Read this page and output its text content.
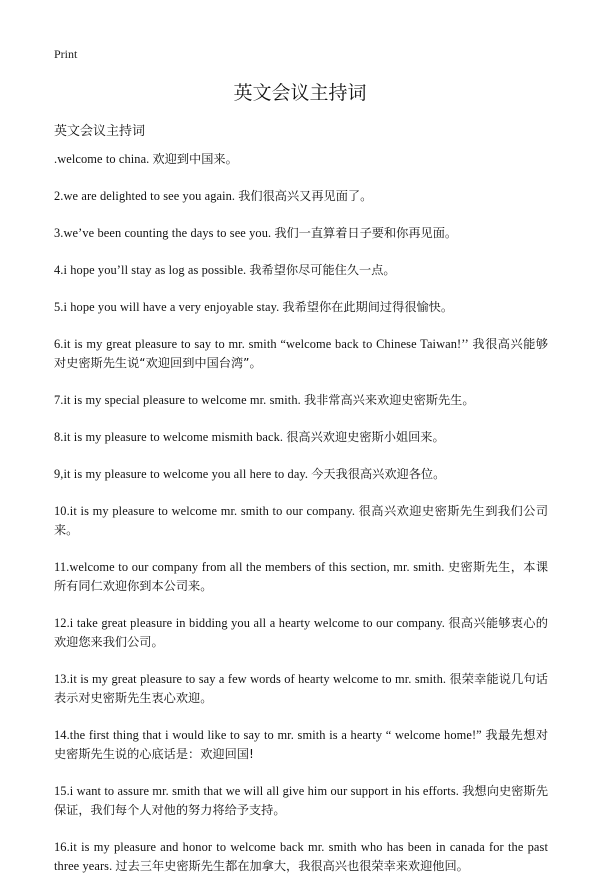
Print
英文会议主持词
英文会议主持词

.welcome to china. 欢迎到中国来。

2.we are delighted to see you again. 我们很高兴又再见面了。

3.we’ve been counting the days to see you. 我们一直算着日子要和你再见面。

4.i hope you’ll stay as log as possible. 我希望你尽可能住久一点。

5.i hope you will have a very enjoyable stay. 我希望你在此期间过得很愉快。

6.it is my great pleasure to say to mr. smith “welcome back to Chinese Taiwan!’’ 我很高兴能够对史密斯先生说“欢迎回到中国台湾”。

7.it is my special pleasure to welcome mr. smith. 我非常高兴来欢迎史密斯先生。

8.it is my pleasure to welcome mismith back. 很高兴欢迎史密斯小姐回来。

9,it is my pleasure to welcome you all here to day. 今天我很高兴欢迎各位。

10.it is my pleasure to welcome mr. smith to our company. 很高兴欢迎史密斯先生到我们公司来。

11.welcome to our company from all the members of this section, mr. smith. 史密斯先生，本课所有同仁欢迎你到本公司来。

12.i take great pleasure in bidding you all a hearty welcome to our company. 很高兴能够衷心的欢迎您来我们公司。

13.it is my great pleasure to say a few words of hearty welcome to mr. smith. 很荣幸能说几句话表示对史密斯先生衷心欢迎。

14.the first thing that i would like to say to mr. smith is a hearty “ welcome home!” 我最先想对史密斯先生说的心底话是：欢迎回国!

15.i want to assure mr. smith that we will all give him our support in his efforts. 我想向史密斯先保证，我们每个人对他的努力将给予支持。

16.it is my pleasure and honor to welcome back mr. smith who has been in canada for the past three years. 过去三年史密斯先生都在加拿大，我很高兴也很荣幸来欢迎他回。
